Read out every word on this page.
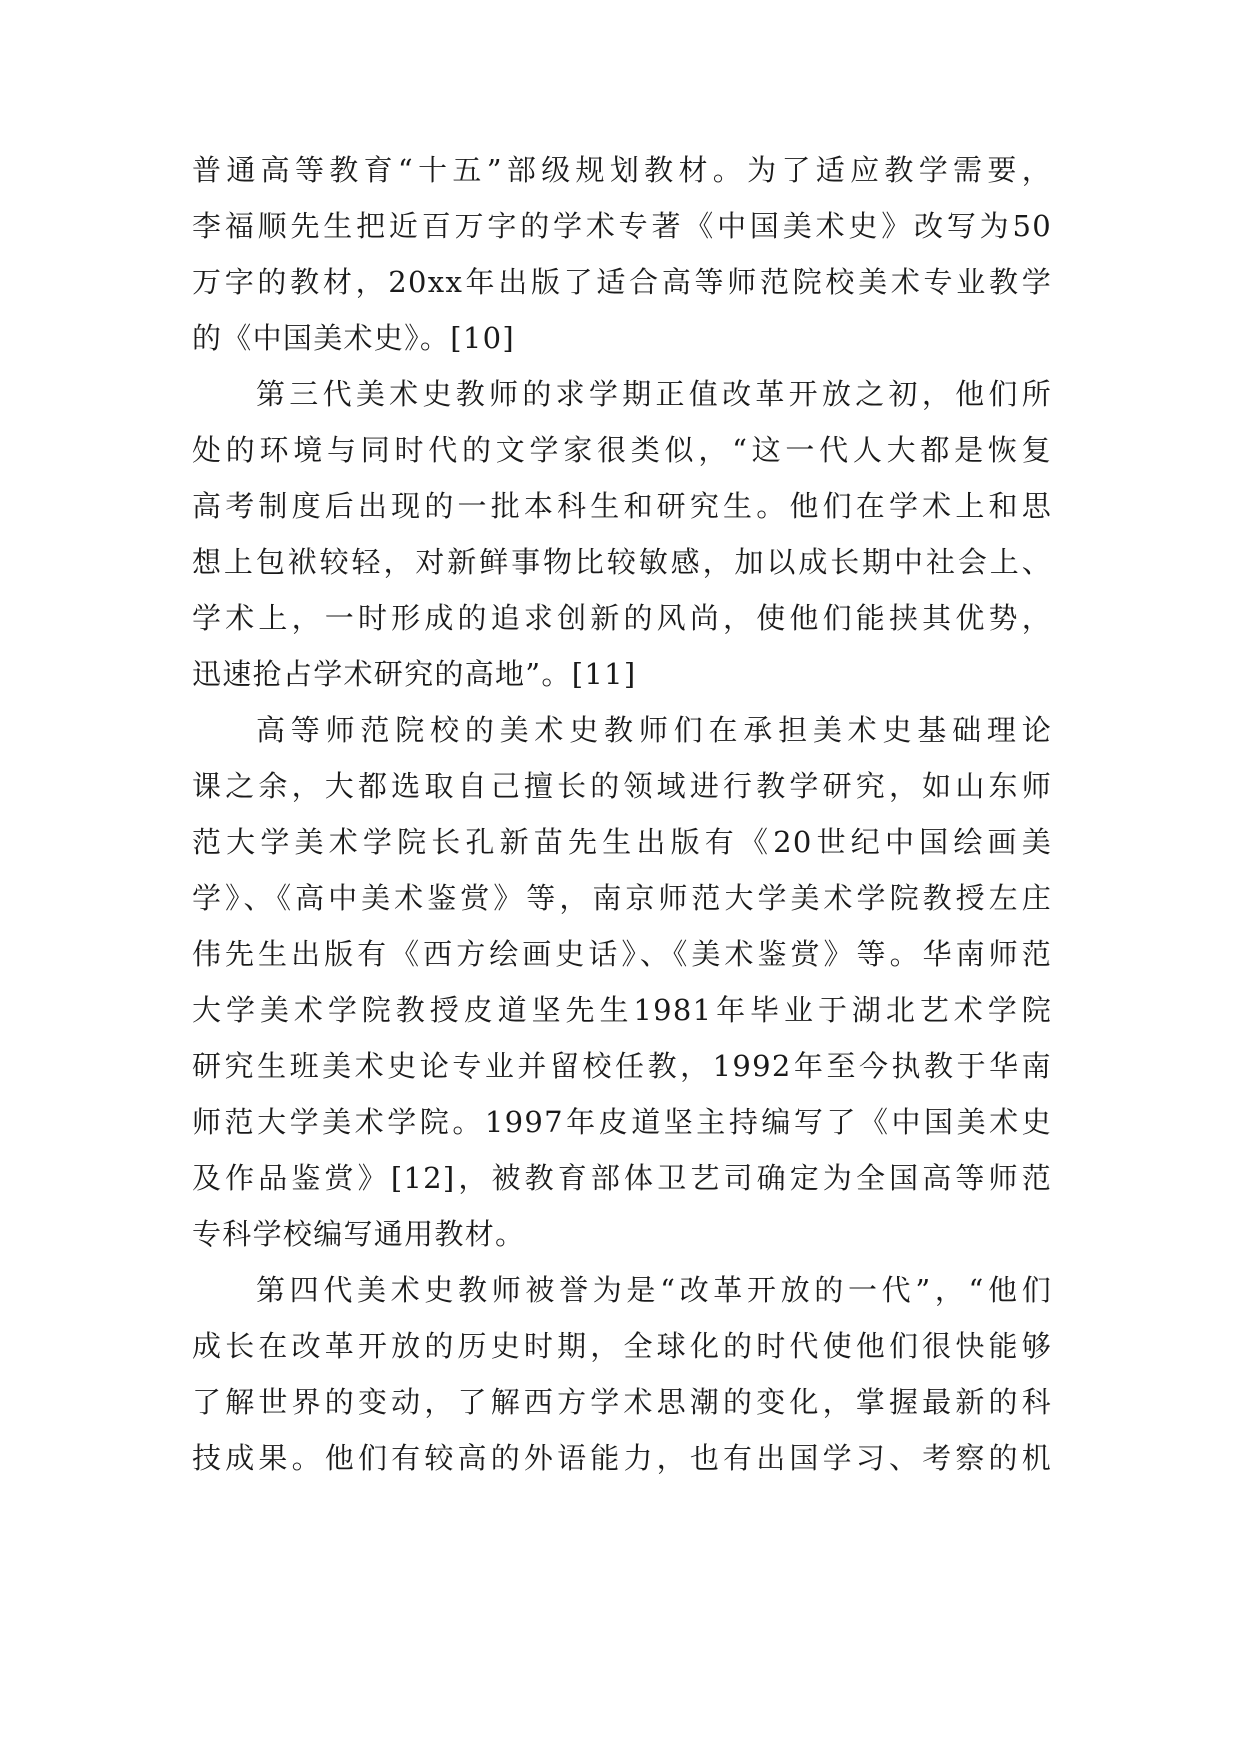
普通高等教育“十五”部级规划教材。为了适应教学需要，
李福顺先生把近百万字的学术专著《中国美术史》改写为50
万字的教材，20xx年出版了适合高等师范院校美术专业教学
的《中国美术史》。[10]
第三代美术史教师的求学期正值改革开放之初，他们所
处的环境与同时代的文学家很类似，“这一代人大都是恢复
高考制度后出现的一批本科生和研究生。他们在学术上和思
想上包袱较轻，对新鲜事物比较敏感，加以成长期中社会上、
学术上，一时形成的追求创新的风尚，使他们能挟其优势，
迅速抢占学术研究的高地”。[11]
高等师范院校的美术史教师们在承担美术史基础理论
课之余，大都选取自己擅长的领域进行教学研究，如山东师
范大学美术学院长孔新苗先生出版有《20世纪中国绘画美
学》、《高中美术鉴赏》等，南京师范大学美术学院教授左庄
伟先生出版有《西方绘画史话》、《美术鉴赏》等。华南师范
大学美术学院教授皮道坚先生1981年毕业于湖北艺术学院
研究生班美术史论专业并留校任教，1992年至今执教于华南
师范大学美术学院。1997年皮道坚主持编写了《中国美术史
及作品鉴赏》[12]，被教育部体卫艺司确定为全国高等师范
专科学校编写通用教材。
第四代美术史教师被誉为是“改革开放的一代”，“他们
成长在改革开放的历史时期，全球化的时代使他们很快能够
了解世界的变动，了解西方学术思潮的变化，掌握最新的科
技成果。他们有较高的外语能力，也有出国学习、考察的机
